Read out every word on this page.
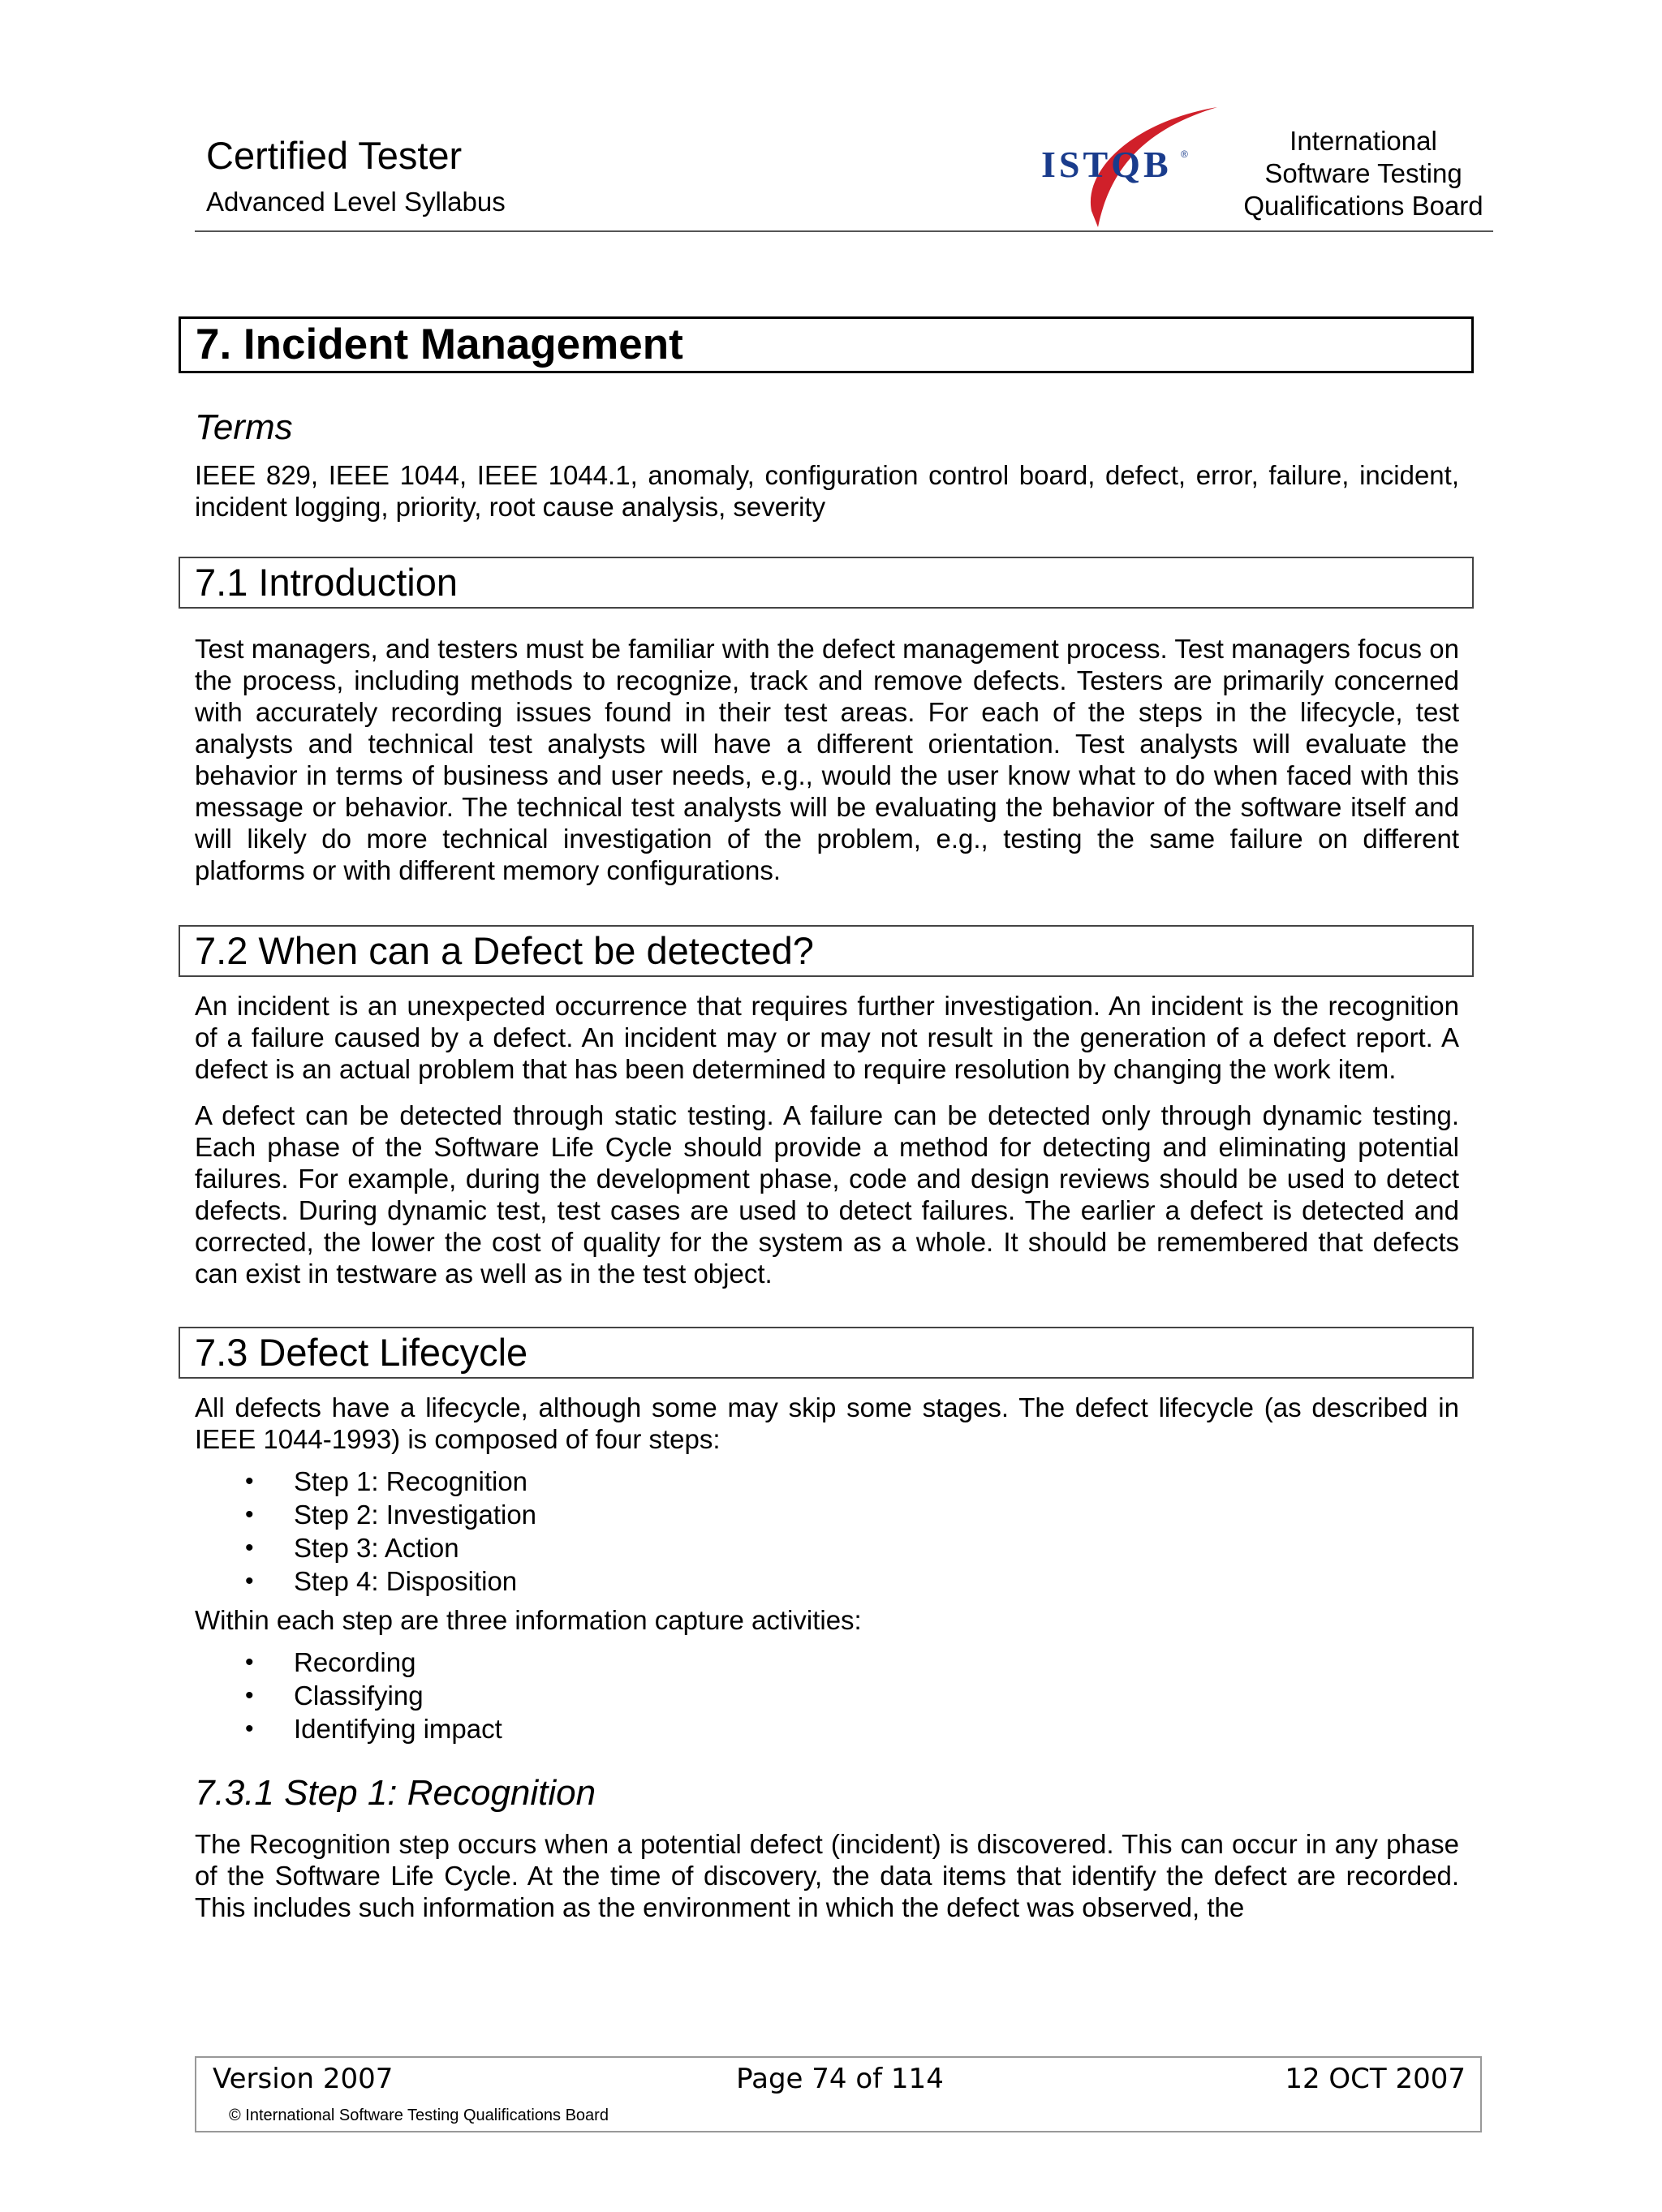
Certified Tester
Advanced Level Syllabus
ISTQB ®	International
Software Testing
Qualifications Board
7. Incident Management
Terms

IEEE 829, IEEE 1044, IEEE 1044.1, anomaly, configuration control board, defect, error, failure, incident, incident logging, priority, root cause analysis, severity

7.1 Introduction

Test managers, and testers must be familiar with the defect management process. Test managers focus on the process, including methods to recognize, track and remove defects. Testers are primarily concerned with accurately recording issues found in their test areas. For each of the steps in the lifecycle, test analysts and technical test analysts will have a different orientation. Test analysts will evaluate the behavior in terms of business and user needs, e.g., would the user know what to do when faced with this message or behavior. The technical test analysts will be evaluating the behavior of the software itself and will likely do more technical investigation of the problem, e.g., testing the same failure on different platforms or with different memory configurations.

7.2 When can a Defect be detected?

An incident is an unexpected occurrence that requires further investigation. An incident is the recognition of a failure caused by a defect. An incident may or may not result in the generation of a defect report. A defect is an actual problem that has been determined to require resolution by changing the work item.

A defect can be detected through static testing. A failure can be detected only through dynamic testing. Each phase of the Software Life Cycle should provide a method for detecting and eliminating potential failures. For example, during the development phase, code and design reviews should be used to detect defects. During dynamic test, test cases are used to detect failures. The earlier a defect is detected and corrected, the lower the cost of quality for the system as a whole. It should be remembered that defects can exist in testware as well as in the test object.

7.3 Defect Lifecycle

All defects have a lifecycle, although some may skip some stages. The defect lifecycle (as described in IEEE 1044-1993) is composed of four steps:

• Step 1: Recognition
• Step 2: Investigation
• Step 3: Action
• Step 4: Disposition

Within each step are three information capture activities:

• Recording
• Classifying
• Identifying impact
7.3.1 Step 1: Recognition

The Recognition step occurs when a potential defect (incident) is discovered. This can occur in any phase of the Software Life Cycle. At the time of discovery, the data items that identify the defect are recorded. This includes such information as the environment in which the defect was observed, the

Version 2007	Page 74 of 114	12 OCT 2007
© International Software Testing Qualifications Board
